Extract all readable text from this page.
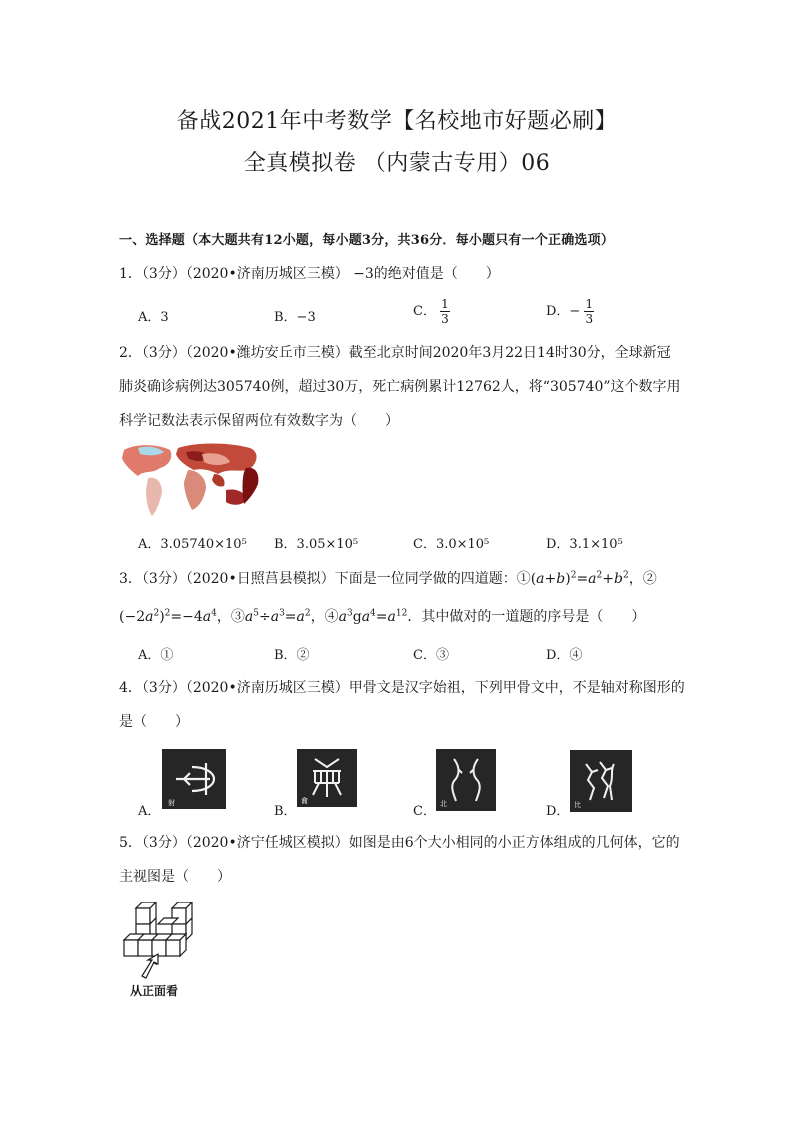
备战2021年中考数学【名校地市好题必刷】
全真模拟卷 （内蒙古专用）06
一、选择题（本大题共有12小题，每小题3分，共36分．每小题只有一个正确选项）
1．（3分）（2020•济南历城区三模） −3的绝对值是（　　）
A．3	B．−3	C． $\frac{1}{3}$	D．− $\frac{1}{3}$
2．（3分）（2020•潍坊安丘市三模）截至北京时间2020年3月22日14时30分，全球新冠
肺炎确诊病例达305740例，超过30万，死亡病例累计12762人，将“305740”这个数字用
科学记数法表示保留两位有效数字为（　　）
A．3.05740×10⁵ B．3.05×10⁵	C．3.0×10⁵	D．3.1×10⁵
3．（3分）（2020•日照莒县模拟）下面是一位同学做的四道题：$①(a+b)^2=a^2+b^2$，②
$(-2a^2)^2=-4a^4$，$③a^5\div a^3=a^2$，$④a^3ga^4=a^{12}$．其中做对的一道题的序号是（　　）
A．①	B．②	C．③	D．④
4．（3分）（2020•济南历城区三模）甲骨文是汉字始祖，下列甲骨文中，不是轴对称图形的
是（　　）
A．
射
B．
龠
C． 北	D． 比
5．（3分）（2020•济宁任城区模拟）如图是由6个大小相同的小正方体组成的几何体，它的
主视图是（　　）
从正面看
